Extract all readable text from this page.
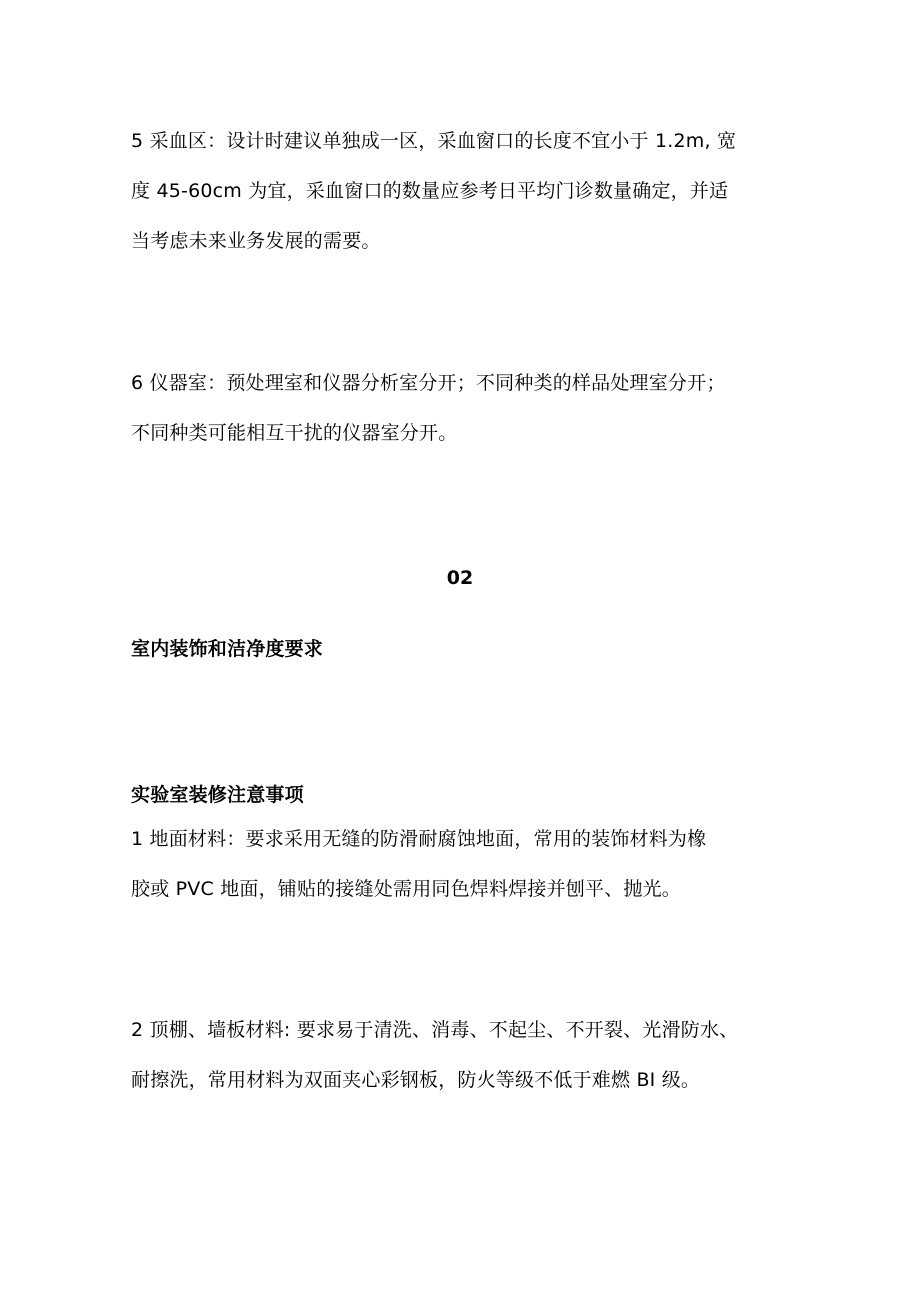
5 采血区：设计时建议单独成一区，采血窗口的长度不宜小于 1.2m, 宽
度 45-60cm 为宜，采血窗口的数量应参考日平均门诊数量确定，并适
当考虑未来业务发展的需要。
6 仪器室：预处理室和仪器分析室分开；不同种类的样品处理室分开；
不同种类可能相互干扰的仪器室分开。
02
室内装饰和洁净度要求
实验室装修注意事项
1 地面材料：要求采用无缝的防滑耐腐蚀地面，常用的装饰材料为橡
胶或 PVC 地面，铺贴的接缝处需用同色焊料焊接并刨平、抛光。
2 顶棚、墙板材料: 要求易于清洗、消毒、不起尘、不开裂、光滑防水、
耐擦洗，常用材料为双面夹心彩钢板，防火等级不低于难燃 BI 级。
